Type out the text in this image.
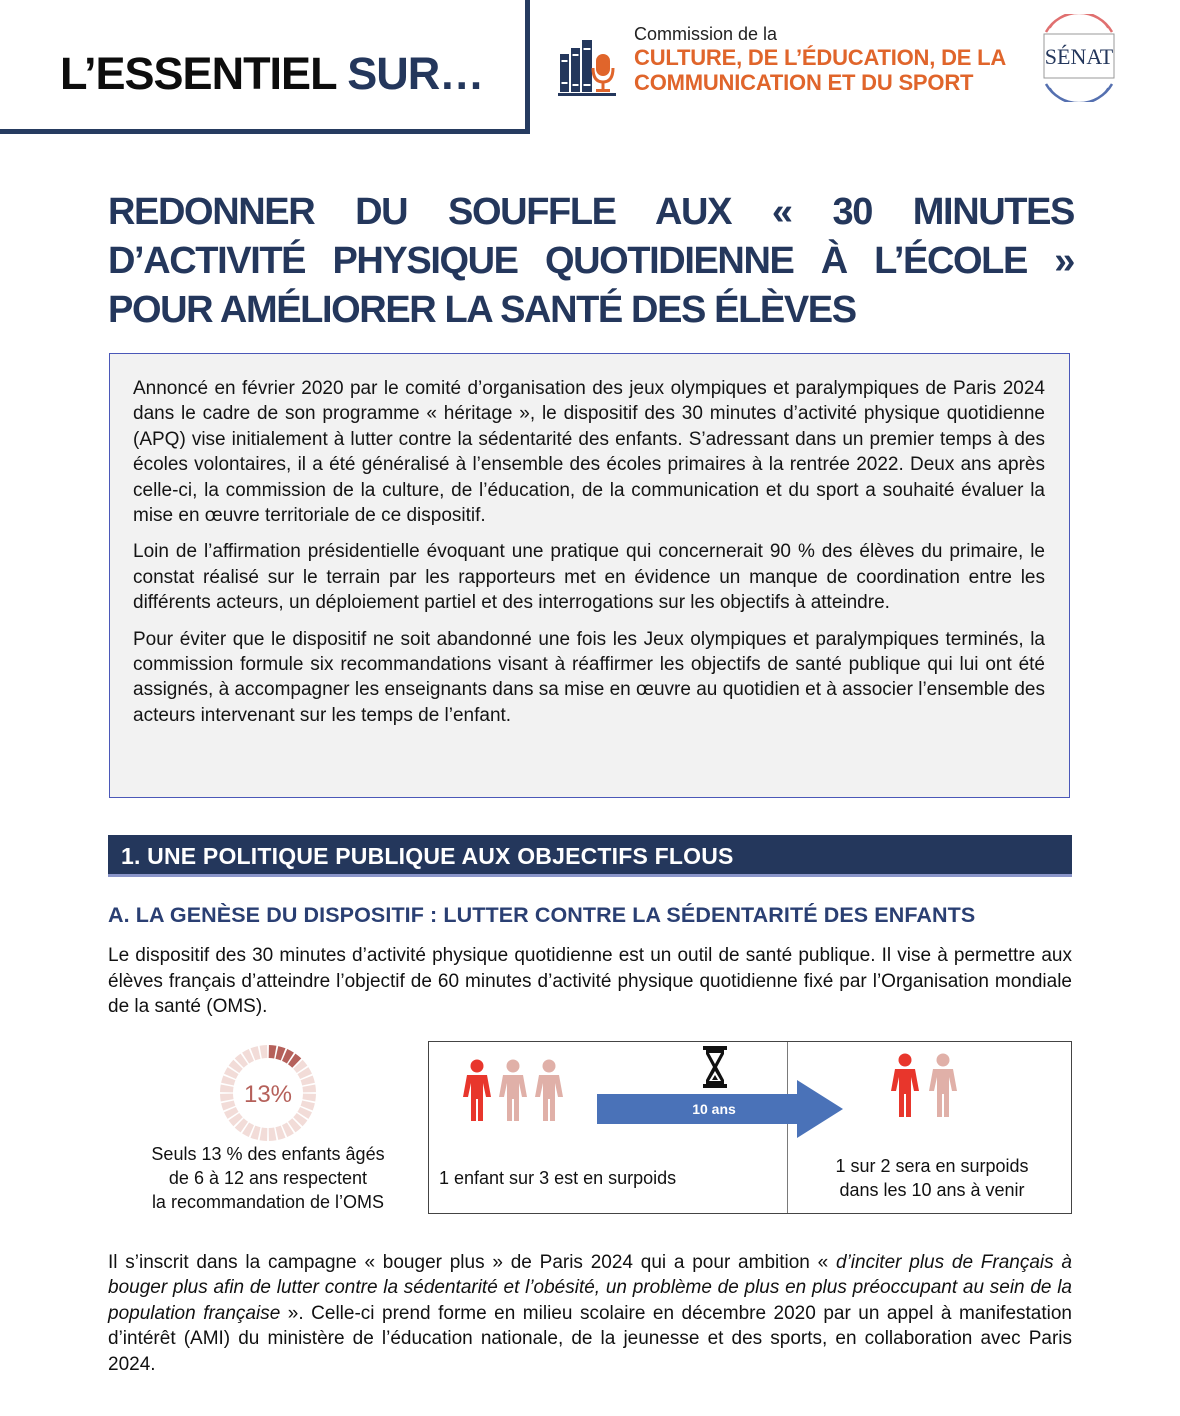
L’ESSENTIEL SUR…
Commission de la
CULTURE, DE L’ÉDUCATION, DE LA
COMMUNICATION ET DU SPORT
SÉNAT
REDONNER DU SOUFFLE AUX « 30 MINUTES
D’ACTIVITÉ PHYSIQUE QUOTIDIENNE À L’ÉCOLE »
POUR AMÉLIORER LA SANTÉ DES ÉLÈVES

Annoncé en février 2020 par le comité d’organisation des jeux olympiques et paralympiques de Paris 2024 dans le cadre de son programme « héritage », le dispositif des 30 minutes d’activité physique quotidienne (APQ) vise initialement à lutter contre la sédentarité des enfants. S’adressant dans un premier temps à des écoles volontaires, il a été généralisé à l’ensemble des écoles primaires à la rentrée 2022. Deux ans après celle-ci, la commission de la culture, de l’éducation, de la communication et du sport a souhaité évaluer la mise en œuvre territoriale de ce dispositif.

Loin de l’affirmation présidentielle évoquant une pratique qui concernerait 90 % des élèves du primaire, le constat réalisé sur le terrain par les rapporteurs met en évidence un manque de coordination entre les différents acteurs, un déploiement partiel et des interrogations sur les objectifs à atteindre.

Pour éviter que le dispositif ne soit abandonné une fois les Jeux olympiques et paralympiques terminés, la commission formule six recommandations visant à réaffirmer les objectifs de santé publique qui lui ont été assignés, à accompagner les enseignants dans sa mise en œuvre au quotidien et à associer l’ensemble des acteurs intervenant sur les temps de l’enfant.

1. UNE POLITIQUE PUBLIQUE AUX OBJECTIFS FLOUS
A. LA GENÈSE DU DISPOSITIF : LUTTER CONTRE LA SÉDENTARITÉ DES ENFANTS

Le dispositif des 30 minutes d’activité physique quotidienne est un outil de santé publique. Il vise à permettre aux élèves français d’atteindre l’objectif de 60 minutes d’activité physique quotidienne fixé par l’Organisation mondiale de la santé (OMS).

13%
Seuls 13 % des enfants âgés
de 6 à 12 ans respectent
la recommandation de l’OMS
10 ans
1 enfant sur 3 est en surpoids
1 sur 2 sera en surpoids
dans les 10 ans à venir

Il s’inscrit dans la campagne « bouger plus » de Paris 2024 qui a pour ambition « d’inciter plus de Français à bouger plus afin de lutter contre la sédentarité et l’obésité, un problème de plus en plus préoccupant au sein de la population française ». Celle-ci prend forme en milieu scolaire en décembre 2020 par un appel à manifestation d’intérêt (AMI) du ministère de l’éducation nationale, de la jeunesse et des sports, en collaboration avec Paris 2024.
